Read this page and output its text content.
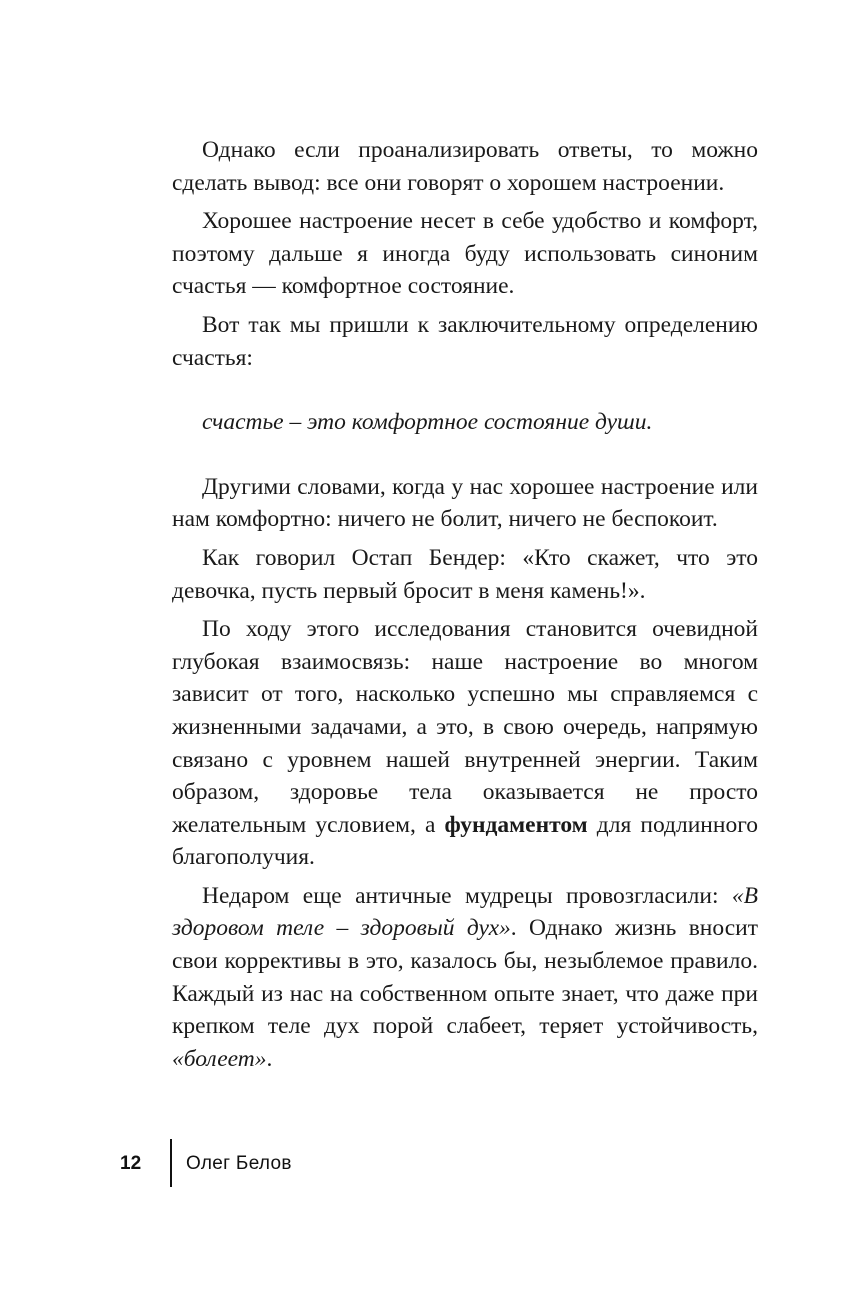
Однако если проанализировать ответы, то можно сделать вывод: все они говорят о хорошем настроении.

Хорошее настроение несет в себе удобство и комфорт, поэтому дальше я иногда буду использовать синоним счастья — комфортное состояние.

Вот так мы пришли к заключительному определению счастья:

счастье – это комфортное состояние души.

Другими словами, когда у нас хорошее настроение или нам комфортно: ничего не болит, ничего не беспокоит.

Как говорил Остап Бендер: «Кто скажет, что это девочка, пусть первый бросит в меня камень!».

По ходу этого исследования становится очевидной глубокая взаимосвязь: наше настроение во многом зависит от того, насколько успешно мы справляемся с жизненными задачами, а это, в свою очередь, напрямую связано с уровнем нашей внутренней энергии. Таким образом, здоровье тела оказывается не просто желательным условием, а фундаментом для подлинного благополучия.

Недаром еще античные мудрецы провозгласили: «В здоровом теле – здоровый дух». Однако жизнь вносит свои коррективы в это, казалось бы, незыблемое правило. Каждый из нас на собственном опыте знает, что даже при крепком теле дух порой слабеет, теряет устойчивость, «болеет».

12	Олег Белов
